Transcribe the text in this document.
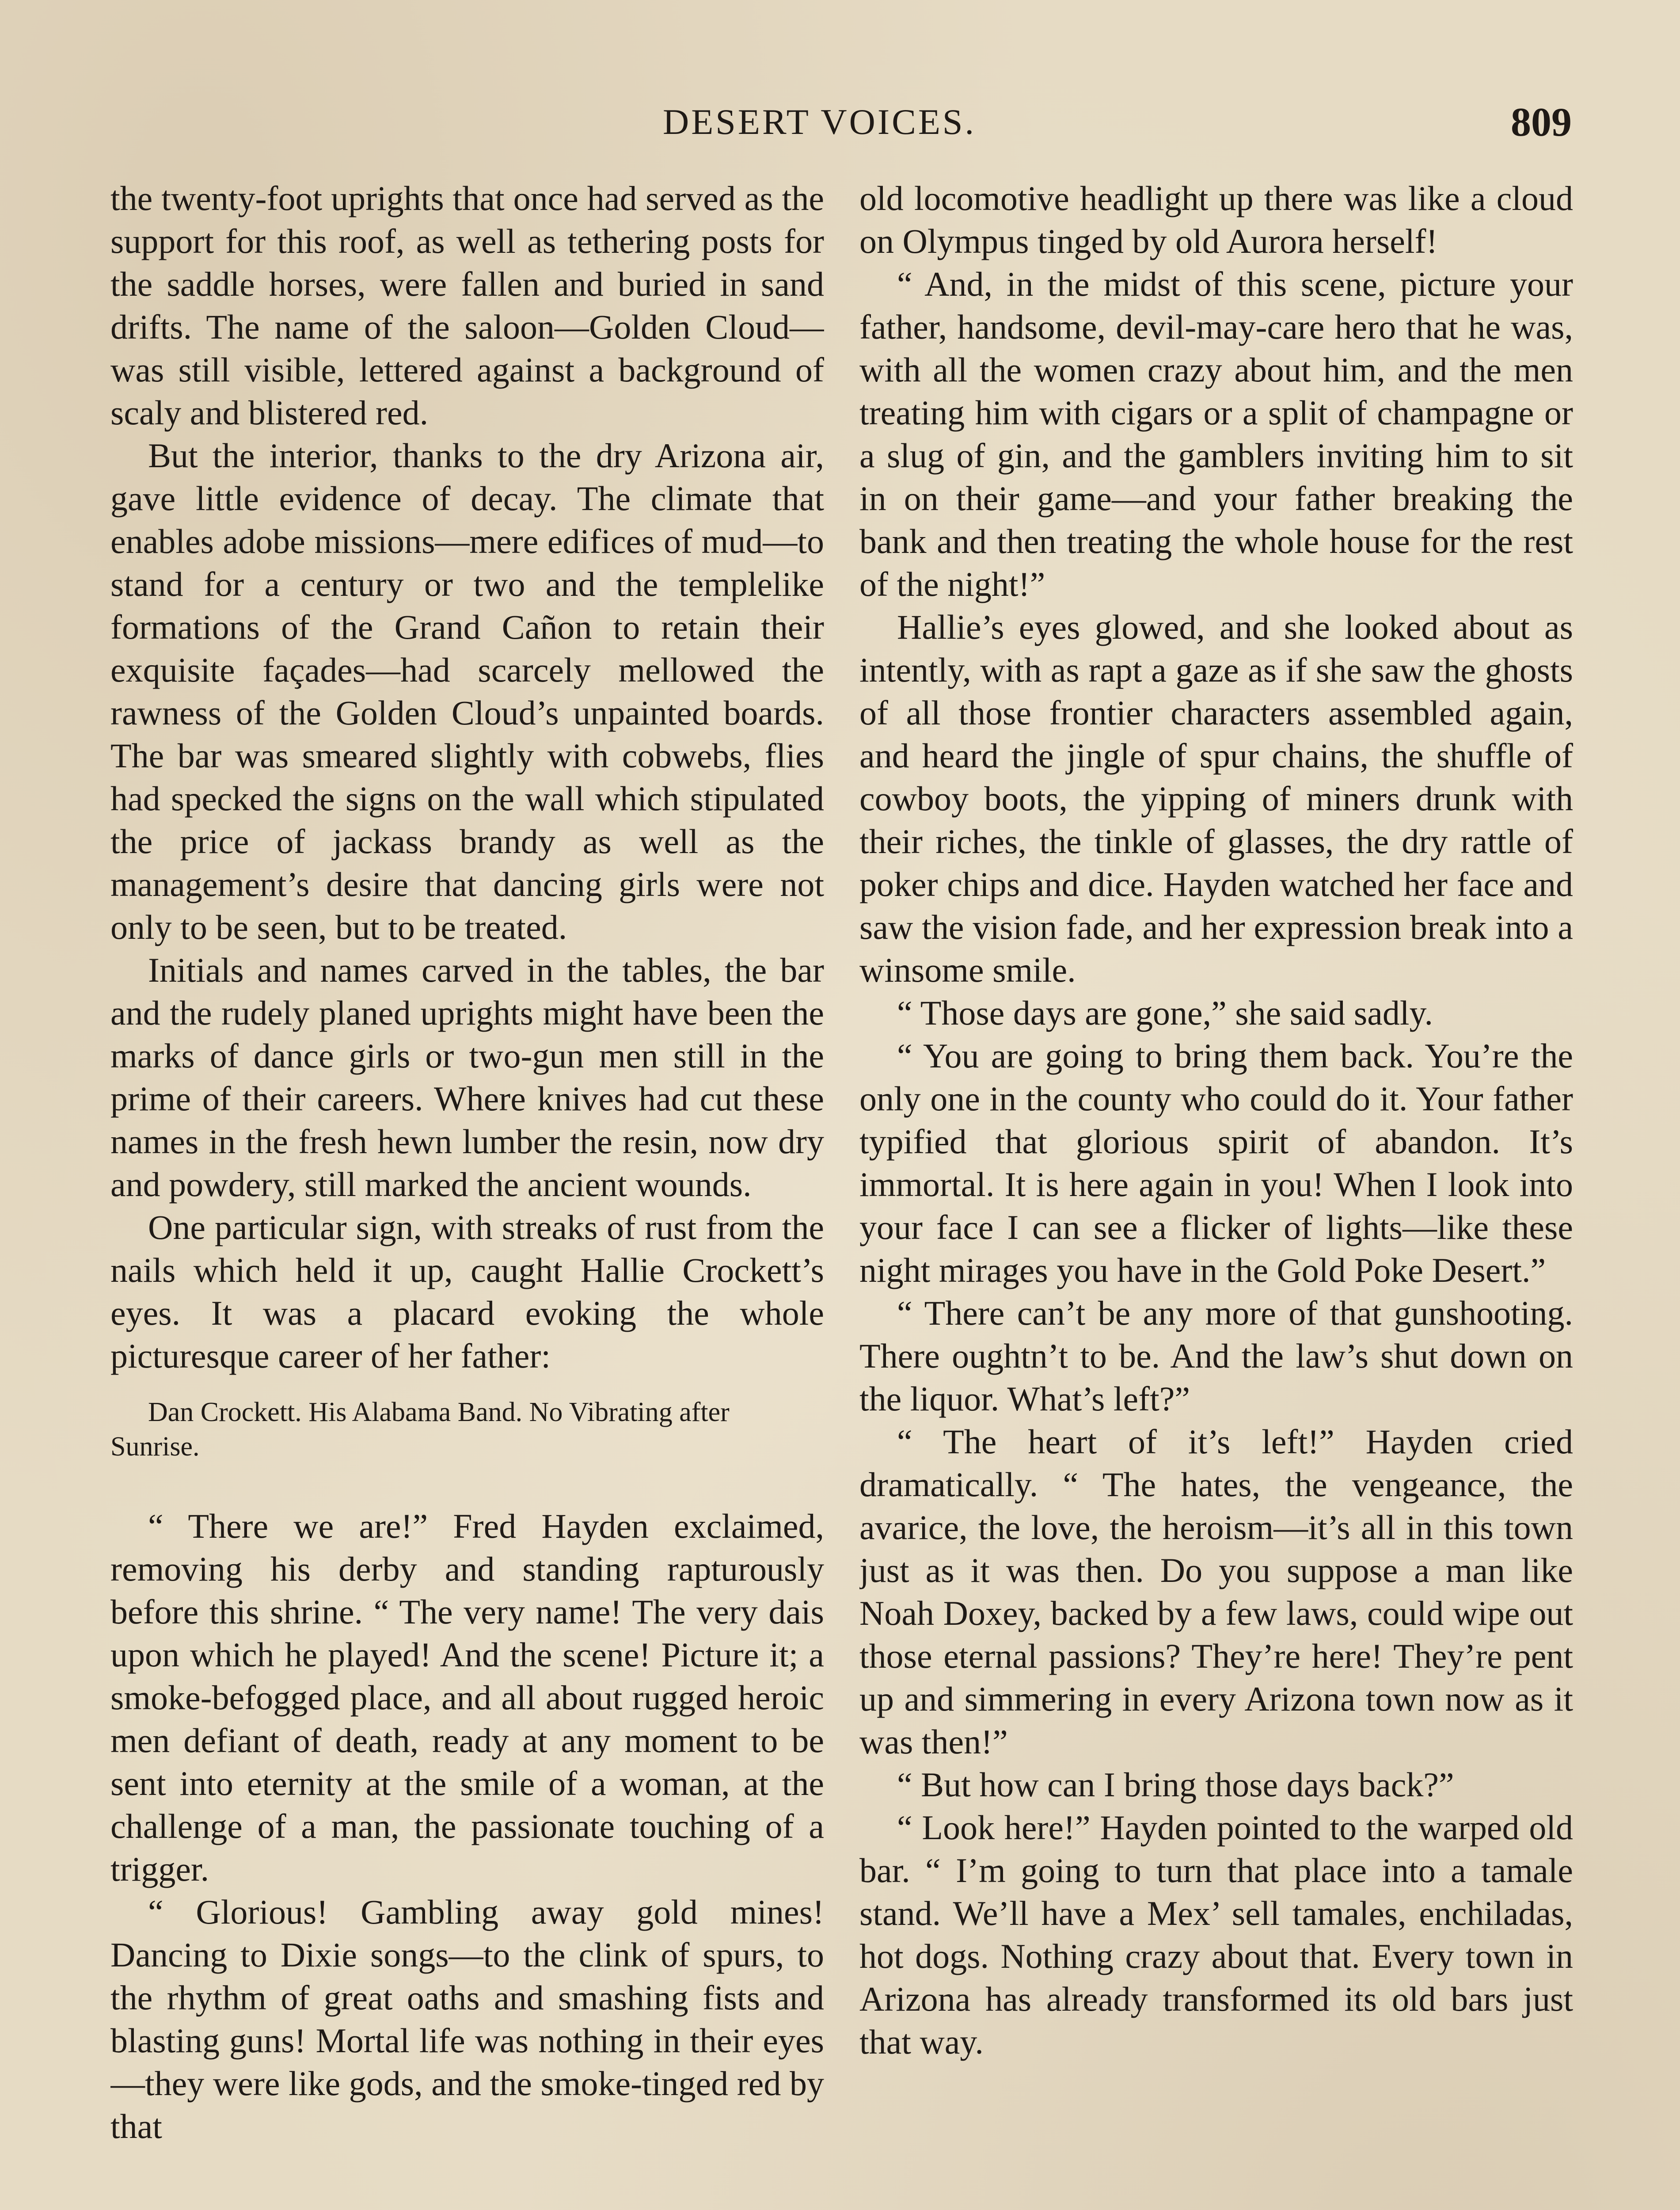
DESERT VOICES.	809

the twenty-foot uprights that once had served as the support for this roof, as well as tethering posts for the saddle horses, were fallen and buried in sand drifts. The name of the saloon—Golden Cloud—was still visible, lettered against a background of scaly and blistered red.

But the interior, thanks to the dry Arizona air, gave little evidence of decay. The climate that enables adobe missions—mere edifices of mud—to stand for a century or two and the templelike formations of the Grand Cañon to retain their exquisite façades—had scarcely mellowed the rawness of the Golden Cloud’s unpainted boards. The bar was smeared slightly with cobwebs, flies had specked the signs on the wall which stipulated the price of jackass brandy as well as the management’s desire that dancing girls were not only to be seen, but to be treated.

Initials and names carved in the tables, the bar and the rudely planed uprights might have been the marks of dance girls or two-gun men still in the prime of their careers. Where knives had cut these names in the fresh hewn lumber the resin, now dry and powdery, still marked the ancient wounds.

One particular sign, with streaks of rust from the nails which held it up, caught Hallie Crockett’s eyes. It was a placard evoking the whole picturesque career of her father:

Dan Crockett. His Alabama Band. No Vibrating after Sunrise.

“ There we are!” Fred Hayden exclaimed, removing his derby and standing rapturously before this shrine. “ The very name! The very dais upon which he played! And the scene! Picture it; a smoke-befogged place, and all about rugged heroic men defiant of death, ready at any moment to be sent into eternity at the smile of a woman, at the challenge of a man, the passionate touching of a trigger.

“ Glorious! Gambling away gold mines! Dancing to Dixie songs—to the clink of spurs, to the rhythm of great oaths and smashing fists and blasting guns! Mortal life was nothing in their eyes—they were like gods, and the smoke-tinged red by that

old locomotive headlight up there was like a cloud on Olympus tinged by old Aurora herself!

“ And, in the midst of this scene, picture your father, handsome, devil-may-care hero that he was, with all the women crazy about him, and the men treating him with cigars or a split of champagne or a slug of gin, and the gamblers inviting him to sit in on their game—and your father breaking the bank and then treating the whole house for the rest of the night!”

Hallie’s eyes glowed, and she looked about as intently, with as rapt a gaze as if she saw the ghosts of all those frontier characters assembled again, and heard the jingle of spur chains, the shuffle of cowboy boots, the yipping of miners drunk with their riches, the tinkle of glasses, the dry rattle of poker chips and dice. Hayden watched her face and saw the vision fade, and her expression break into a winsome smile.

“ Those days are gone,” she said sadly.

“ You are going to bring them back. You’re the only one in the county who could do it. Your father typified that glorious spirit of abandon. It’s immortal. It is here again in you! When I look into your face I can see a flicker of lights—like these night mirages you have in the Gold Poke Desert.”

“ There can’t be any more of that gunshooting. There oughtn’t to be. And the law’s shut down on the liquor. What’s left?”

“ The heart of it’s left!” Hayden cried dramatically. “ The hates, the vengeance, the avarice, the love, the heroism—it’s all in this town just as it was then. Do you suppose a man like Noah Doxey, backed by a few laws, could wipe out those eternal passions? They’re here! They’re pent up and simmering in every Arizona town now as it was then!”

“ But how can I bring those days back?”

“ Look here!” Hayden pointed to the warped old bar. “ I’m going to turn that place into a tamale stand. We’ll have a Mex’ sell tamales, enchiladas, hot dogs. Nothing crazy about that. Every town in Arizona has already transformed its old bars just that way.
